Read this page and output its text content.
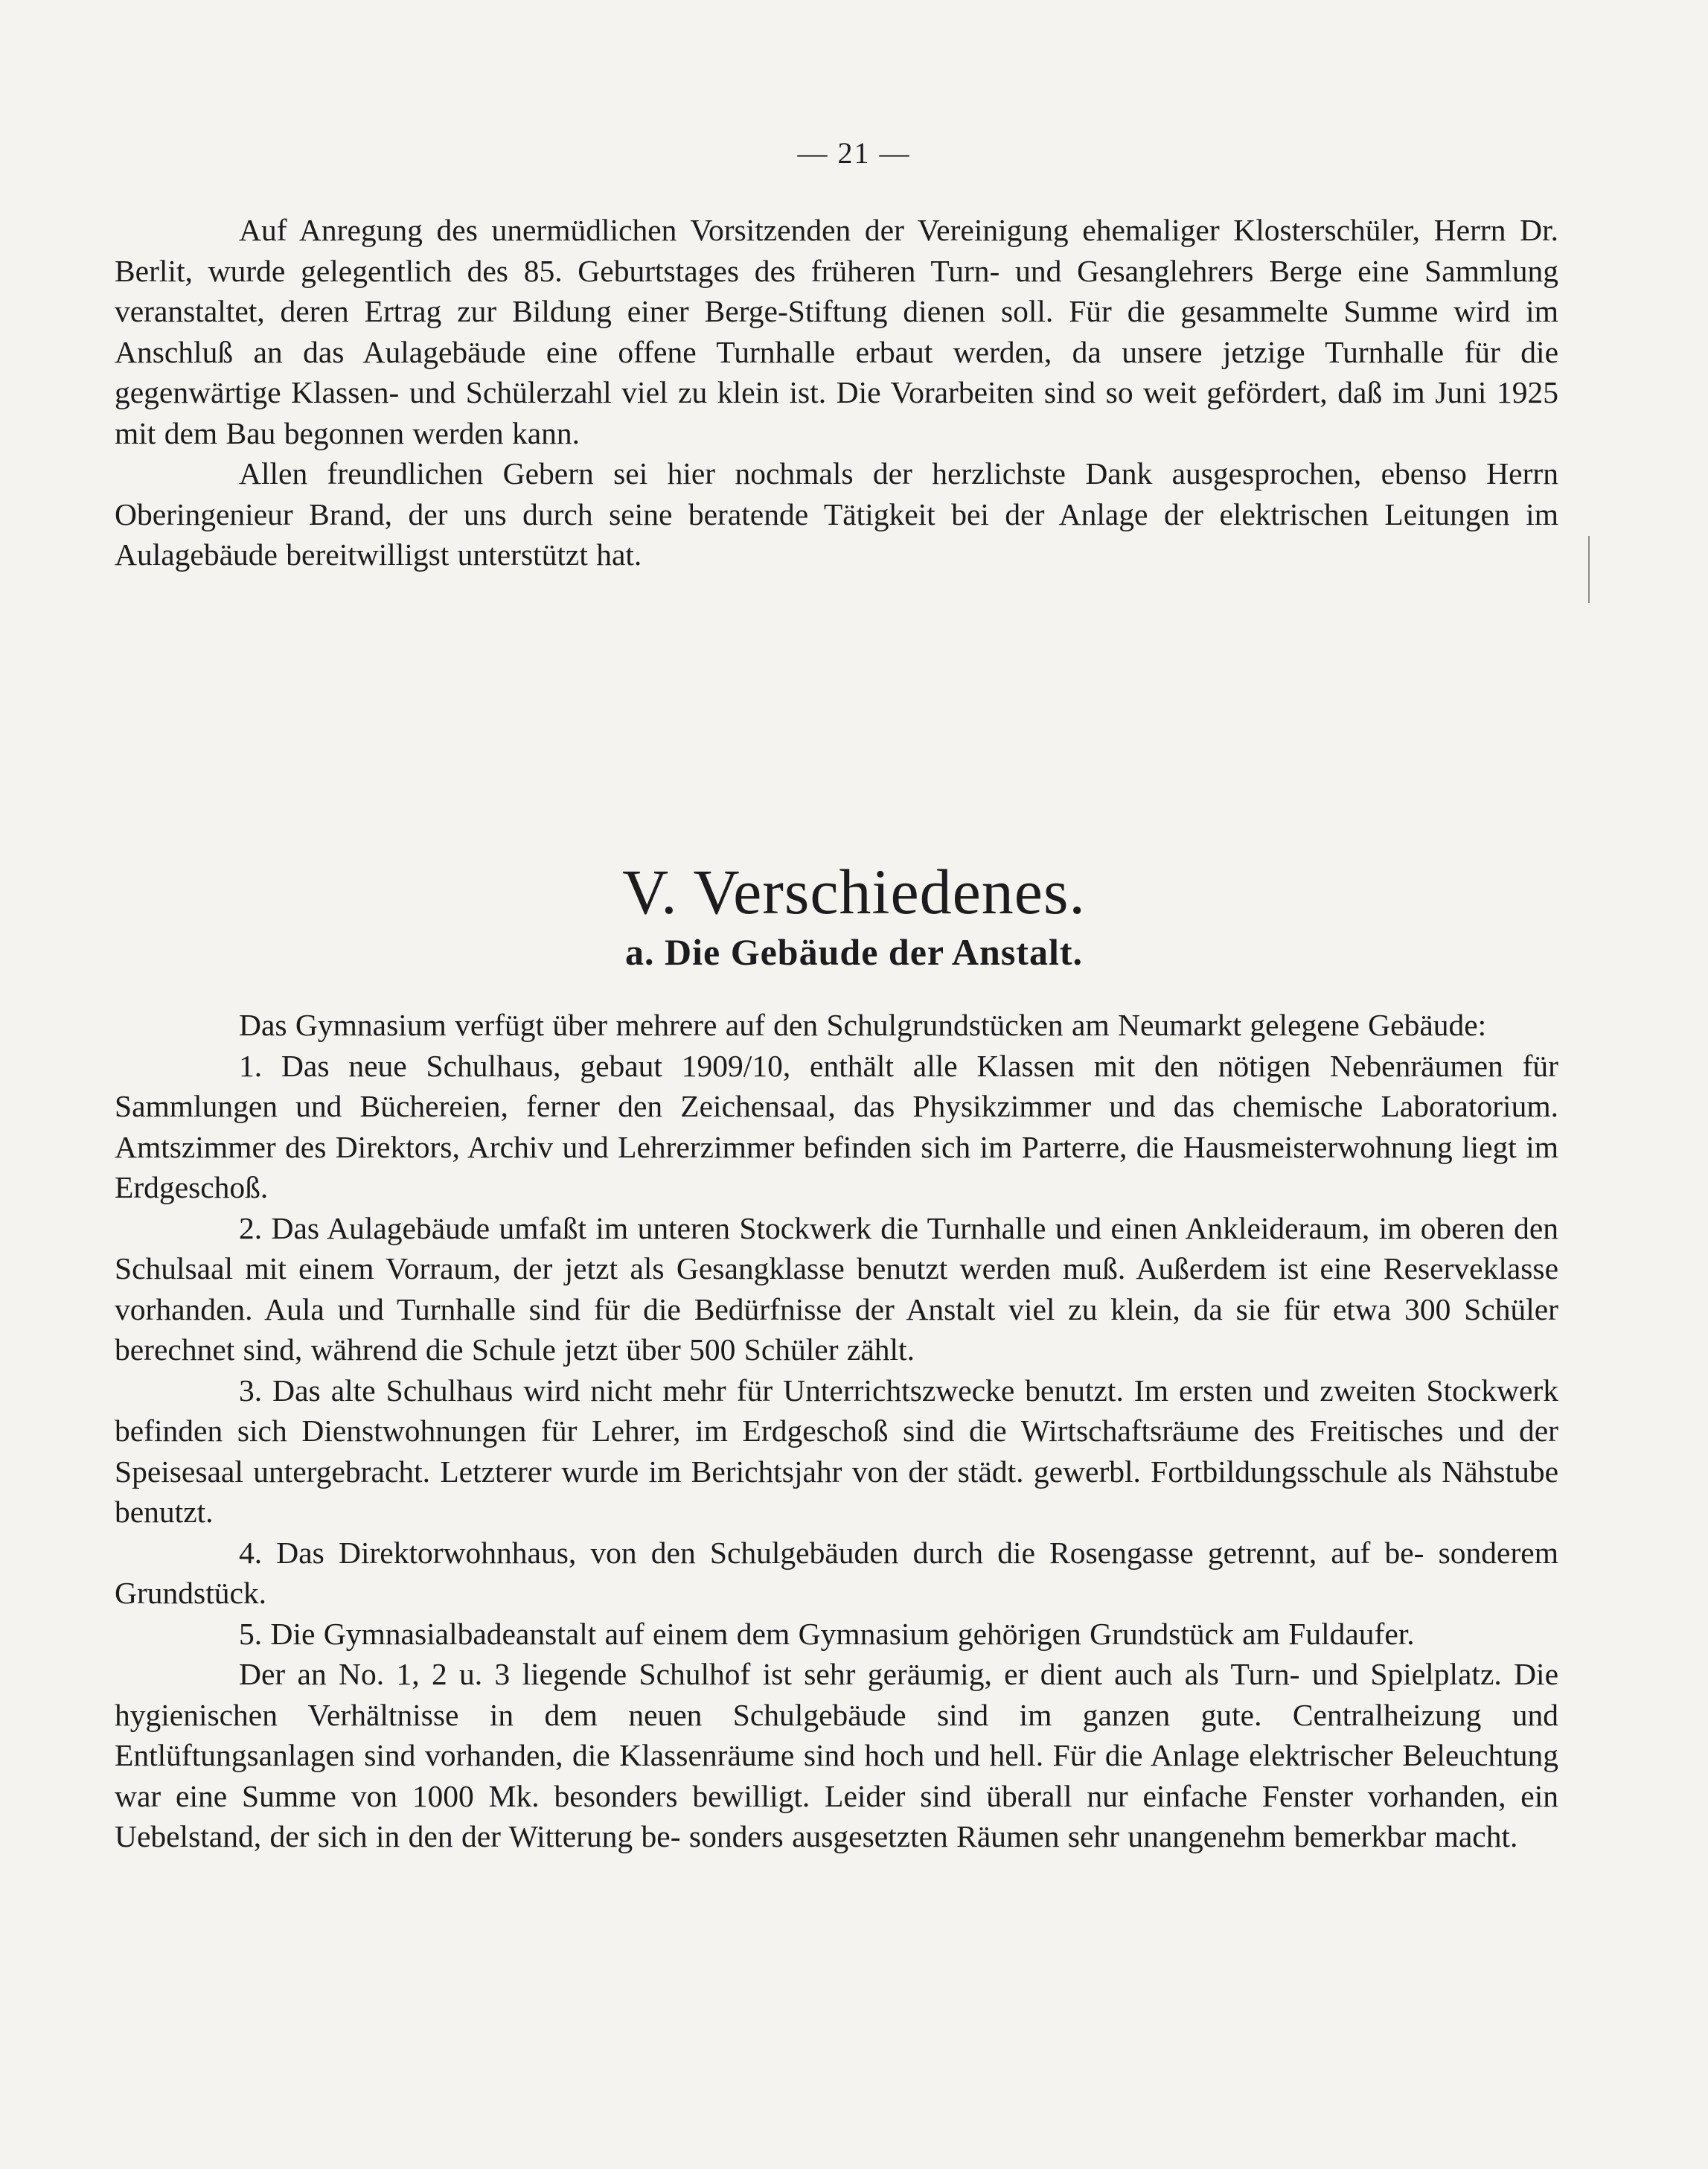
— 21 —

Auf Anregung des unermüdlichen Vorsitzenden der Vereinigung ehemaliger Klosterschüler, Herrn Dr. Berlit, wurde gelegentlich des 85. Geburtstages des früheren Turn- und Gesanglehrers Berge eine Sammlung veranstaltet, deren Ertrag zur Bildung einer Berge-Stiftung dienen soll. Für die gesammelte Summe wird im Anschluß an das Aulagebäude eine offene Turnhalle erbaut werden, da unsere jetzige Turnhalle für die gegenwärtige Klassen- und Schülerzahl viel zu klein ist. Die Vorarbeiten sind so weit gefördert, daß im Juni 1925 mit dem Bau begonnen werden kann.

Allen freundlichen Gebern sei hier nochmals der herzlichste Dank ausgesprochen, ebenso Herrn Oberingenieur Brand, der uns durch seine beratende Tätigkeit bei der Anlage der elektrischen Leitungen im Aulagebäude bereitwilligst unterstützt hat.

V. Verschiedenes.
a. Die Gebäude der Anstalt.

Das Gymnasium verfügt über mehrere auf den Schulgrundstücken am Neumarkt gelegene Gebäude:

1. Das neue Schulhaus, gebaut 1909/10, enthält alle Klassen mit den nötigen Nebenräumen für Sammlungen und Büchereien, ferner den Zeichensaal, das Physikzimmer und das chemische Laboratorium. Amtszimmer des Direktors, Archiv und Lehrerzimmer befinden sich im Parterre, die Hausmeisterwohnung liegt im Erdgeschoß.

2. Das Aulagebäude umfaßt im unteren Stockwerk die Turnhalle und einen Ankleideraum, im oberen den Schulsaal mit einem Vorraum, der jetzt als Gesangklasse benutzt werden muß. Außerdem ist eine Reserveklasse vorhanden. Aula und Turnhalle sind für die Bedürfnisse der Anstalt viel zu klein, da sie für etwa 300 Schüler berechnet sind, während die Schule jetzt über 500 Schüler zählt.

3. Das alte Schulhaus wird nicht mehr für Unterrichtszwecke benutzt. Im ersten und zweiten Stockwerk befinden sich Dienstwohnungen für Lehrer, im Erdgeschoß sind die Wirtschaftsräume des Freitisches und der Speisesaal untergebracht. Letzterer wurde im Berichtsjahr von der städt. gewerbl. Fortbildungsschule als Nähstube benutzt.

4. Das Direktorwohnhaus, von den Schulgebäuden durch die Rosengasse getrennt, auf be- sonderem Grundstück.

5. Die Gymnasialbadeanstalt auf einem dem Gymnasium gehörigen Grundstück am Fuldaufer.

Der an No. 1, 2 u. 3 liegende Schulhof ist sehr geräumig, er dient auch als Turn- und Spielplatz. Die hygienischen Verhältnisse in dem neuen Schulgebäude sind im ganzen gute. Centralheizung und Entlüftungsanlagen sind vorhanden, die Klassenräume sind hoch und hell. Für die Anlage elektrischer Beleuchtung war eine Summe von 1000 Mk. besonders bewilligt. Leider sind überall nur einfache Fenster vorhanden, ein Uebelstand, der sich in den der Witterung be- sonders ausgesetzten Räumen sehr unangenehm bemerkbar macht.
